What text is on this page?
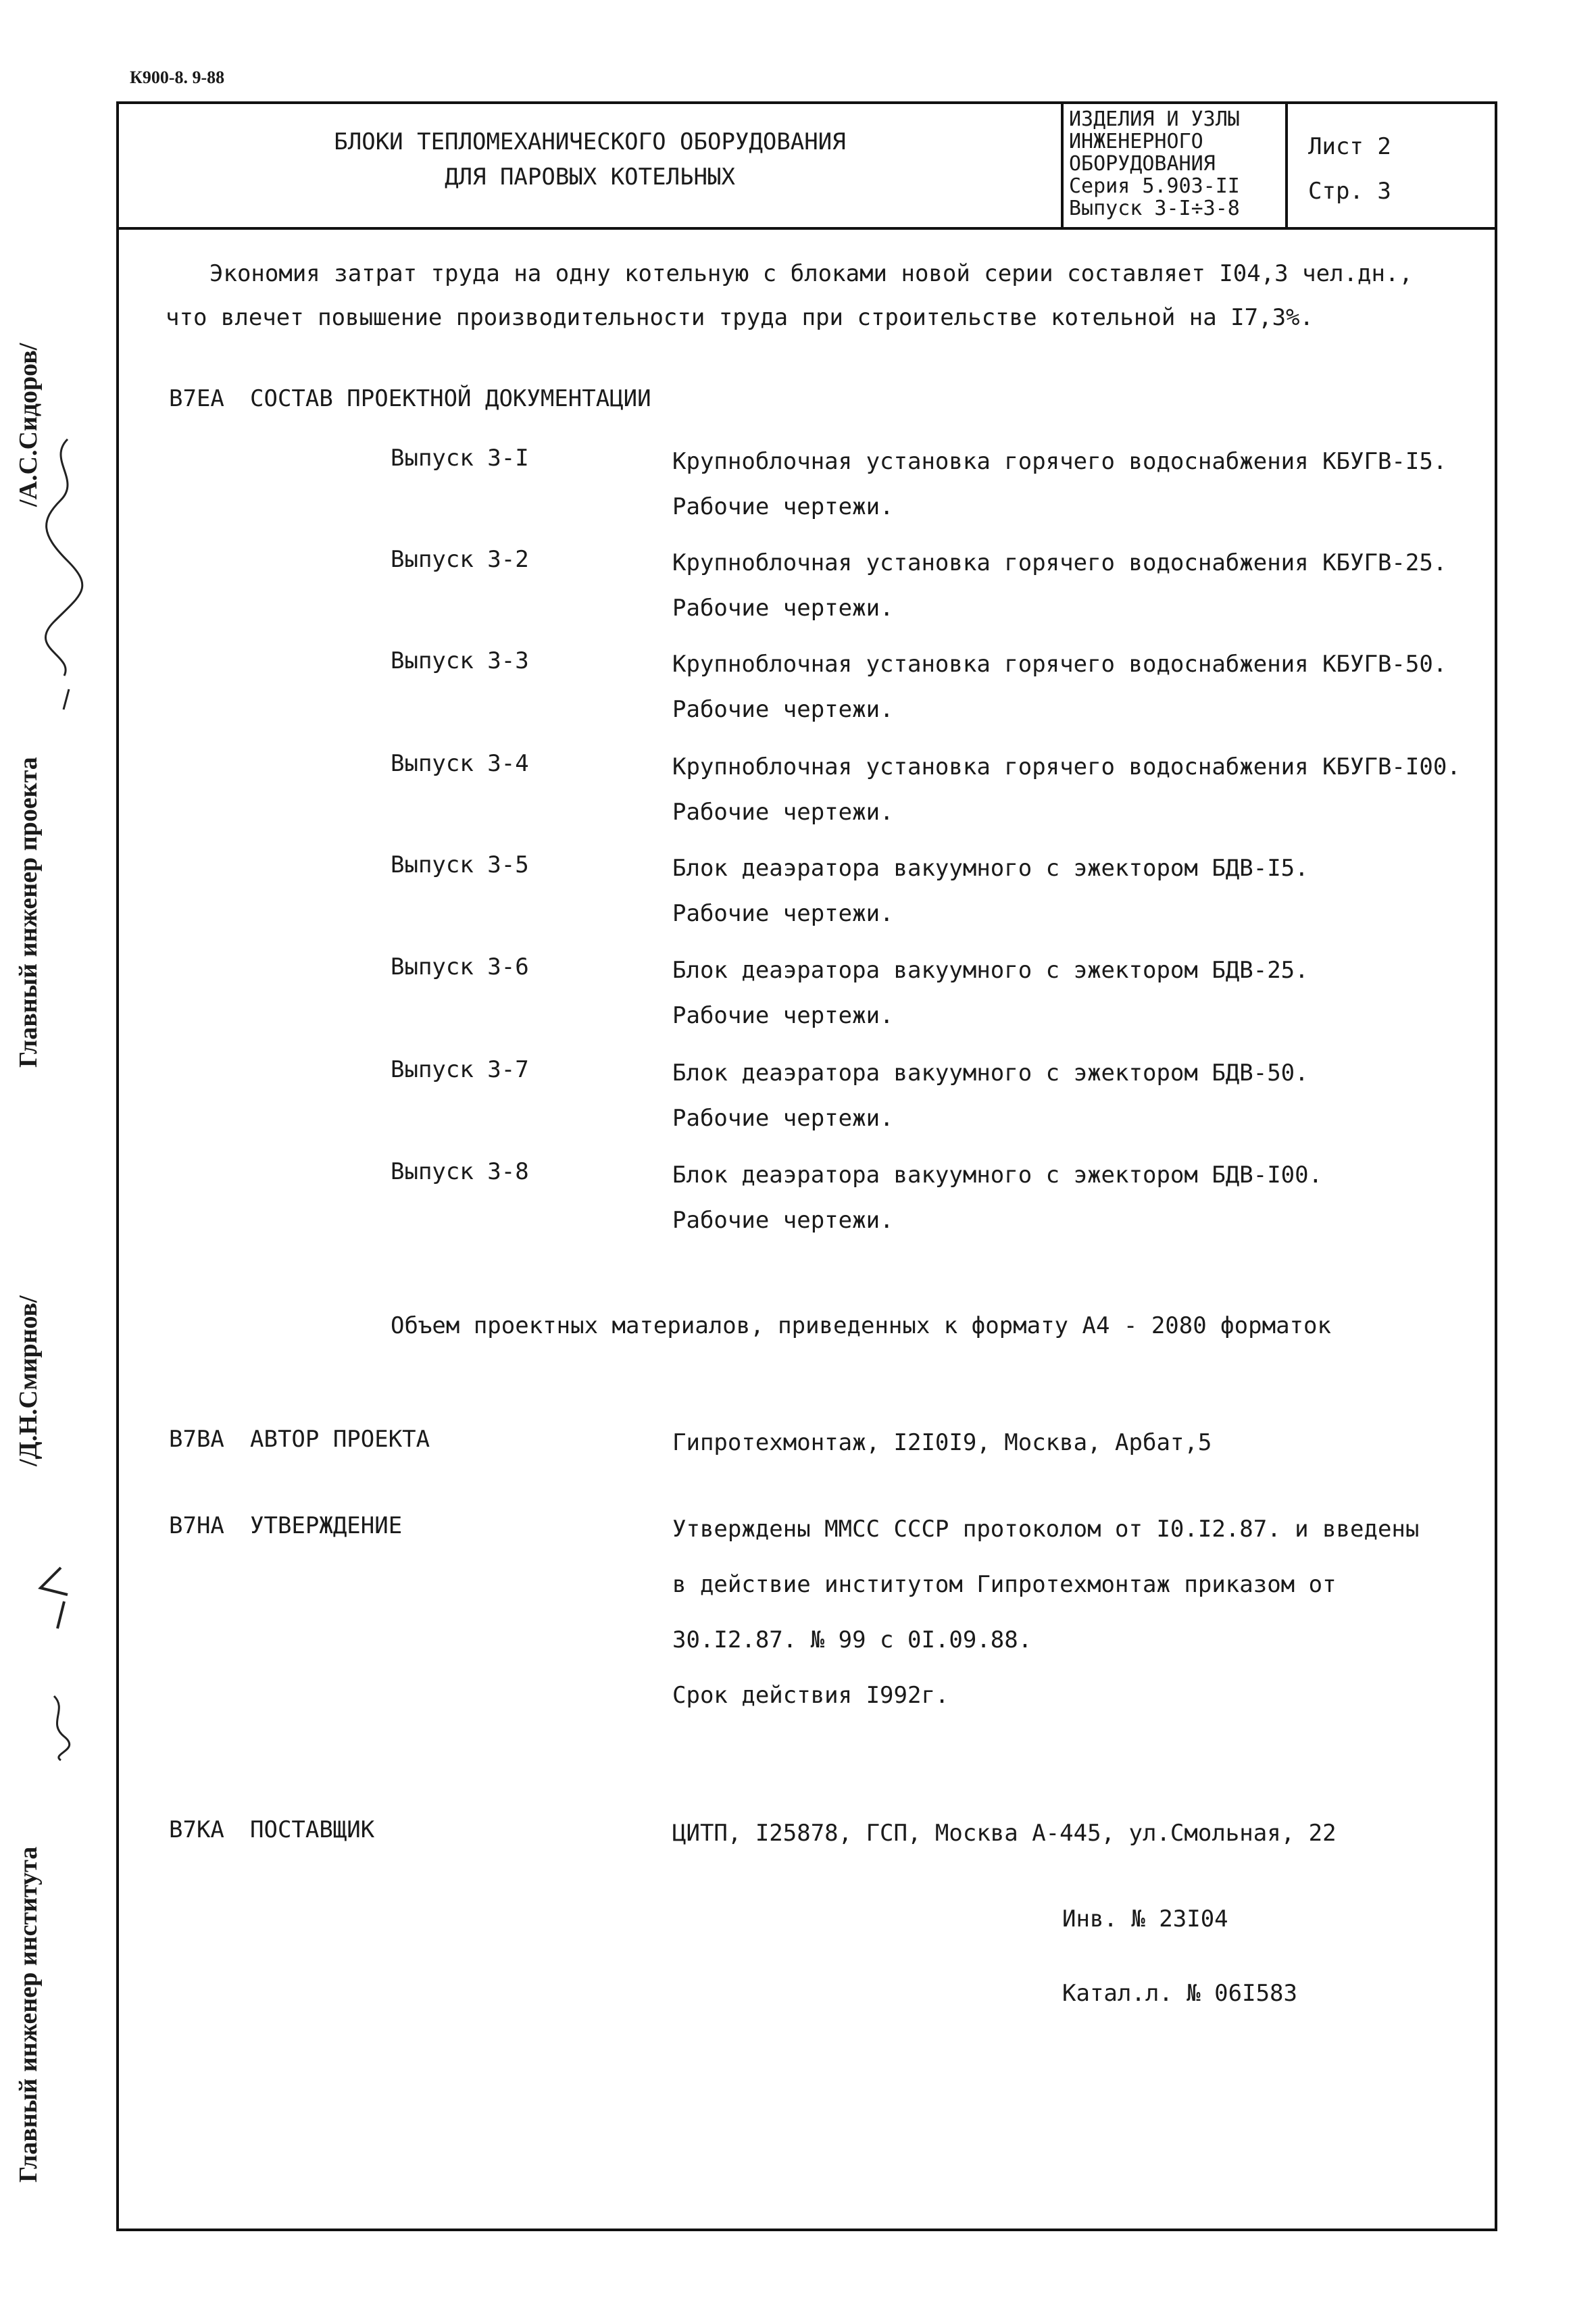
К900-8. 9-88
БЛОКИ ТЕПЛОМЕХАНИЧЕСКОГО ОБОРУДОВАНИЯ
ДЛЯ ПАРОВЫХ КОТЕЛЬНЫХ
ИЗДЕЛИЯ И УЗЛЫ
ИНЖЕНЕРНОГО
ОБОРУДОВАНИЯ
Серия 5.903-II
Выпуск 3-I÷3-8
Лист 2
Стр. 3
Экономия затрат труда на одну котельную с блоками новой серии составляет I04,3 чел.дн.,
что влечет повышение производительности труда при строительстве котельной на I7,3%.
B7EA СОСТАВ ПРОЕКТНОЙ ДОКУМЕНТАЦИИ
Выпуск 3-I	Крупноблочная установка горячего водоснабжения КБУГВ-I5.
Рабочие чертежи.
Выпуск 3-2	Крупноблочная установка горячего водоснабжения КБУГВ-25.
Рабочие чертежи.
Выпуск 3-3	Крупноблочная установка горячего водоснабжения КБУГВ-50.
Рабочие чертежи.
Выпуск 3-4	Крупноблочная установка горячего водоснабжения КБУГВ-I00.
Рабочие чертежи.
Выпуск 3-5	Блок деаэратора вакуумного с эжектором БДВ-I5.
Рабочие чертежи.
Выпуск 3-6	Блок деаэратора вакуумного с эжектором БДВ-25.
Рабочие чертежи.
Выпуск 3-7	Блок деаэратора вакуумного с эжектором БДВ-50.
Рабочие чертежи.
Выпуск 3-8	Блок деаэратора вакуумного с эжектором БДВ-I00.
Рабочие чертежи.
Объем проектных материалов, приведенных к формату А4 - 2080 форматок
B7BA АВТОР ПРОЕКТА	Гипротехмонтаж, I2I0I9, Москва, Арбат,5
B7HA УТВЕРЖДЕНИЕ	Утверждены ММСС СССР протоколом от I0.I2.87. и введены
в действие институтом Гипротехмонтаж приказом от
30.I2.87. № 99 с 0I.09.88.
Срок действия I992г.
B7KA ПОСТАВЩИК	ЦИТП, I25878, ГСП, Москва А-445, ул.Смольная, 22
Инв. № 23I04
Катал.л. № 06I583
/А.С.Сидоров/
Главный инженер проекта
/Д.Н.Смирнов/
Главный инженер института
